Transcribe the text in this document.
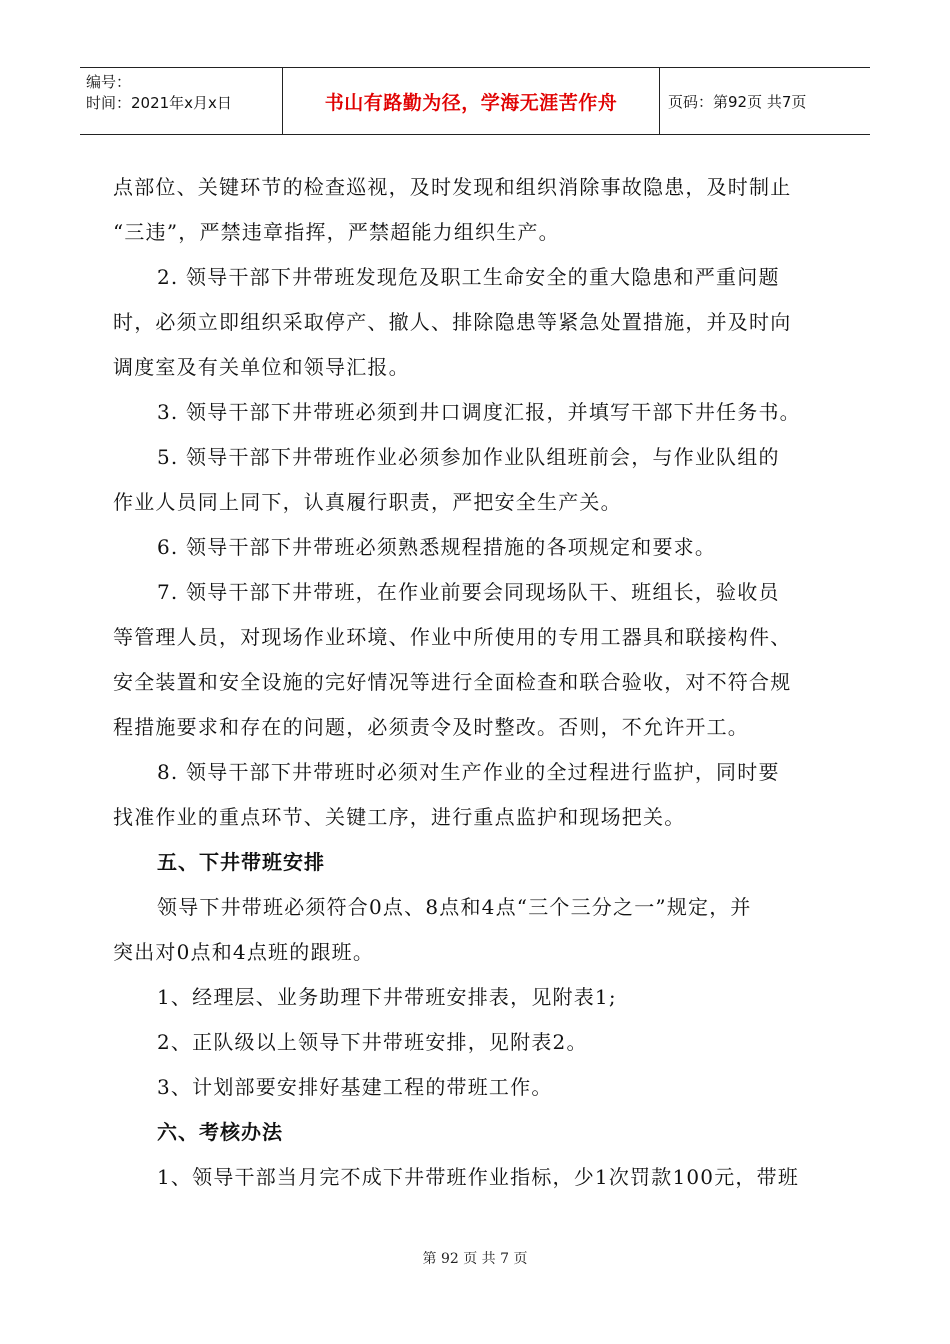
编号：
时间：2021年x月x日	书山有路勤为径，学海无涯苦作舟	页码：第92页 共7页

点部位、关键环节的检查巡视，及时发现和组织消除事故隐患，及时制止

“三违”，严禁违章指挥，严禁超能力组织生产。

2. 领导干部下井带班发现危及职工生命安全的重大隐患和严重问题

时，必须立即组织采取停产、撤人、排除隐患等紧急处置措施，并及时向

调度室及有关单位和领导汇报。

3. 领导干部下井带班必须到井口调度汇报，并填写干部下井任务书。

5. 领导干部下井带班作业必须参加作业队组班前会，与作业队组的

作业人员同上同下，认真履行职责，严把安全生产关。

6. 领导干部下井带班必须熟悉规程措施的各项规定和要求。

7. 领导干部下井带班，在作业前要会同现场队干、班组长，验收员

等管理人员，对现场作业环境、作业中所使用的专用工器具和联接构件、

安全装置和安全设施的完好情况等进行全面检查和联合验收，对不符合规

程措施要求和存在的问题，必须责令及时整改。否则，不允许开工。

8. 领导干部下井带班时必须对生产作业的全过程进行监护，同时要

找准作业的重点环节、关键工序，进行重点监护和现场把关。

五、下井带班安排

领导下井带班必须符合0点、8点和4点“三个三分之一”规定，并

突出对0点和4点班的跟班。

1、经理层、业务助理下井带班安排表，见附表1;

2、正队级以上领导下井带班安排，见附表2。

3、计划部要安排好基建工程的带班工作。

六、考核办法

1、领导干部当月完不成下井带班作业指标，少1次罚款100元，带班

第 92 页 共 7 页
